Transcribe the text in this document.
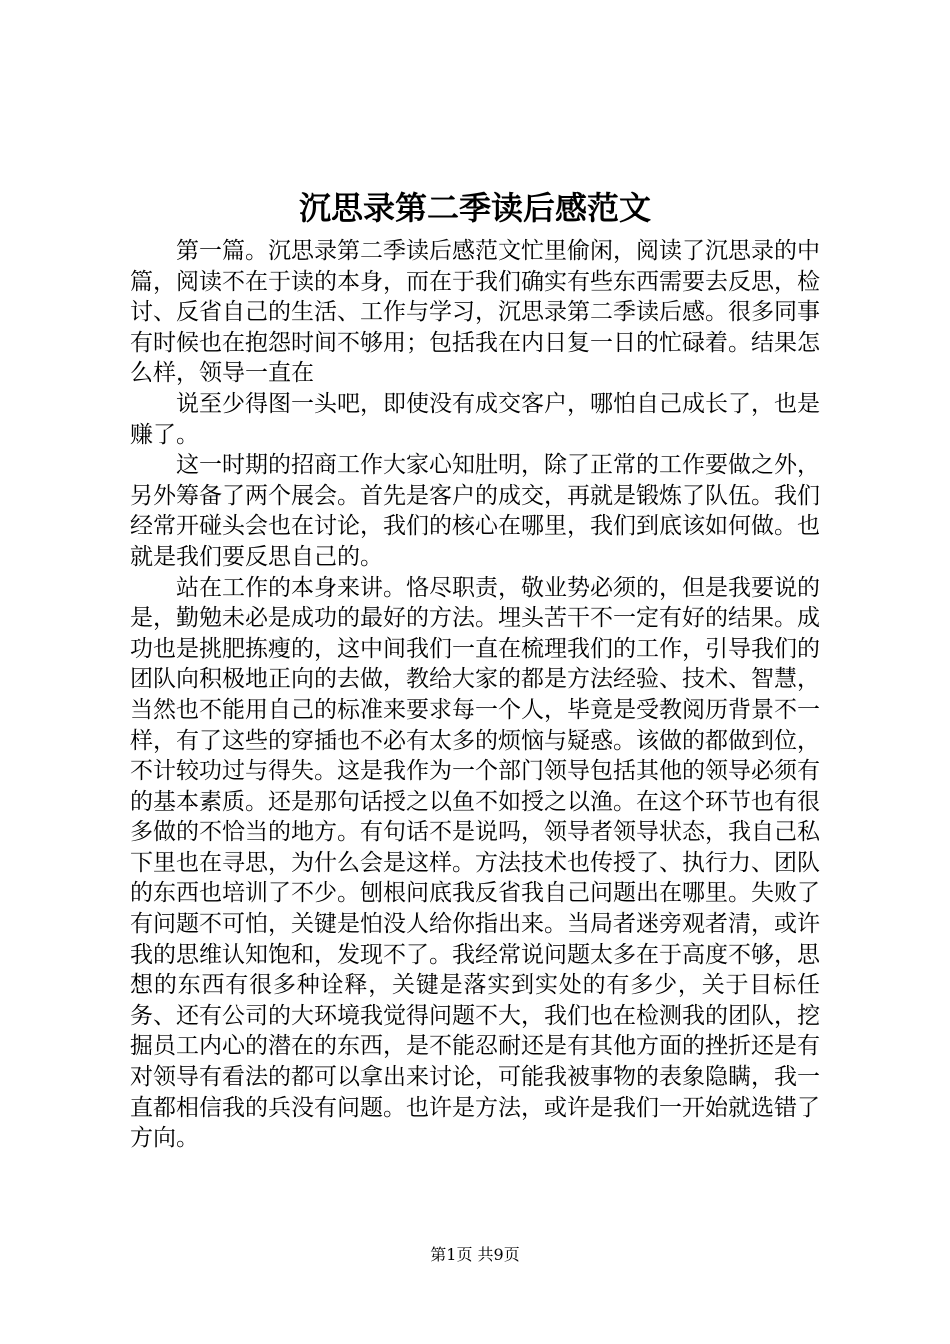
沉思录第二季读后感范文

第一篇。沉思录第二季读后感范文忙里偷闲，阅读了沉思录的中篇，阅读不在于读的本身，而在于我们确实有些东西需要去反思，检讨、反省自己的生活、工作与学习，沉思录第二季读后感。很多同事有时候也在抱怨时间不够用；包括我在内日复一日的忙碌着。结果怎么样，领导一直在

说至少得图一头吧，即使没有成交客户，哪怕自己成长了，也是赚了。

这一时期的招商工作大家心知肚明，除了正常的工作要做之外，另外筹备了两个展会。首先是客户的成交，再就是锻炼了队伍。我们经常开碰头会也在讨论，我们的核心在哪里，我们到底该如何做。也就是我们要反思自己的。

站在工作的本身来讲。恪尽职责，敬业势必须的，但是我要说的是，勤勉未必是成功的最好的方法。埋头苦干不一定有好的结果。成功也是挑肥拣瘦的，这中间我们一直在梳理我们的工作，引导我们的团队向积极地正向的去做，教给大家的都是方法经验、技术、智慧，当然也不能用自己的标准来要求每一个人，毕竟是受教阅历背景不一样，有了这些的穿插也不必有太多的烦恼与疑惑。该做的都做到位，不计较功过与得失。这是我作为一个部门领导包括其他的领导必须有的基本素质。还是那句话授之以鱼不如授之以渔。在这个环节也有很多做的不恰当的地方。有句话不是说吗，领导者领导状态，我自己私下里也在寻思，为什么会是这样。方法技术也传授了、执行力、团队的东西也培训了不少。刨根问底我反省我自己问题出在哪里。失败了有问题不可怕，关键是怕没人给你指出来。当局者迷旁观者清，或许我的思维认知饱和，发现不了。我经常说问题太多在于高度不够，思想的东西有很多种诠释，关键是落实到实处的有多少，关于目标任务、还有公司的大环境我觉得问题不大，我们也在检测我的团队，挖掘员工内心的潜在的东西，是不能忍耐还是有其他方面的挫折还是有对领导有看法的都可以拿出来讨论，可能我被事物的表象隐瞒，我一直都相信我的兵没有问题。也许是方法，或许是我们一开始就选错了方向。

第1页 共9页
